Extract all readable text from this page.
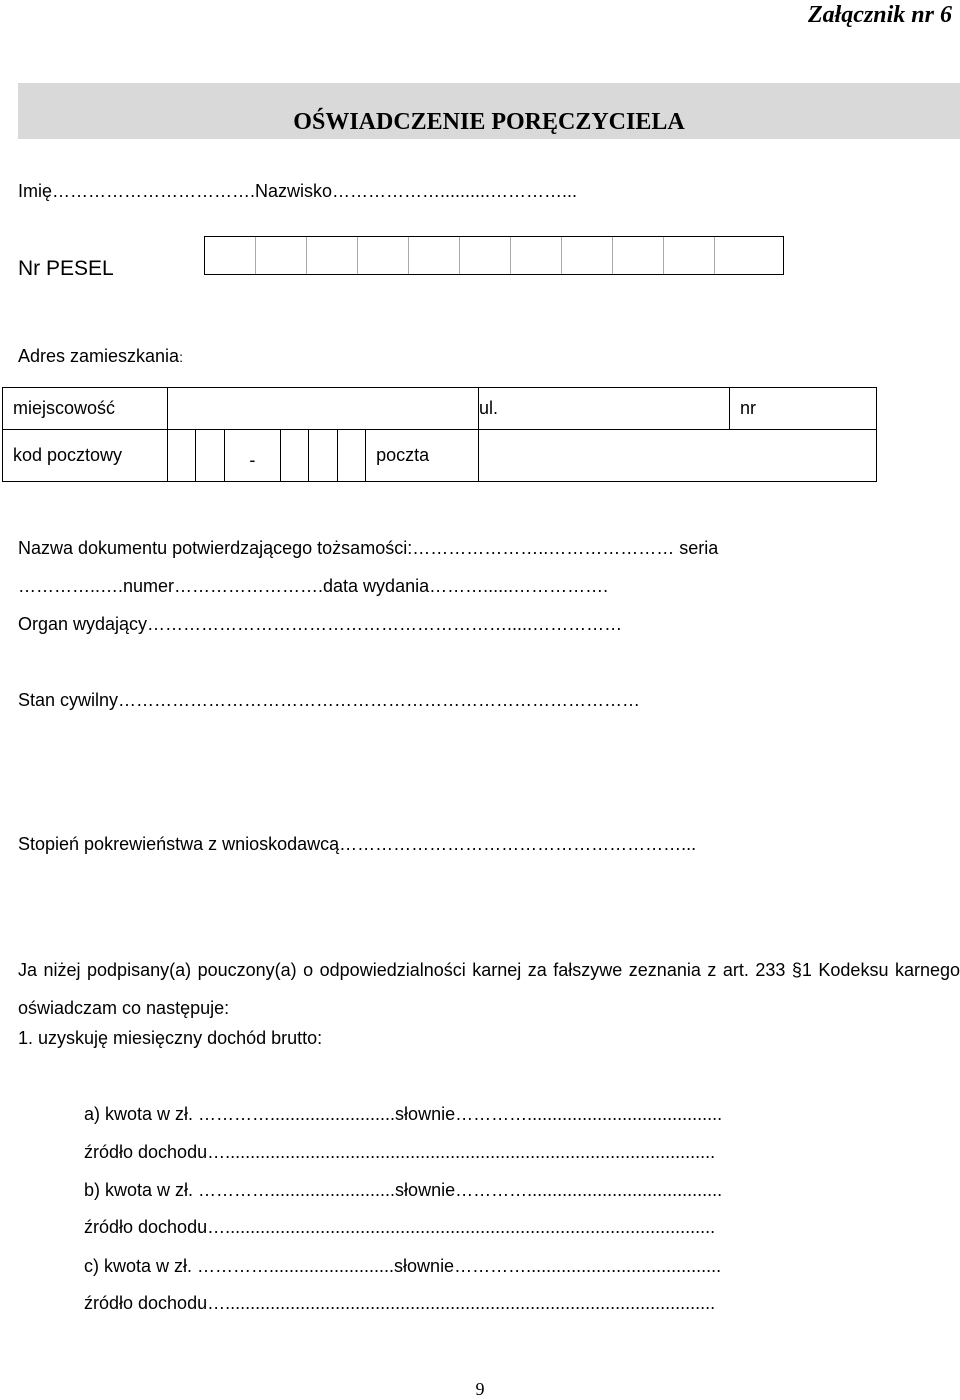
Załącznik nr 6
OŚWIADCZENIE PORĘCZYCIELA
Imię…………………………….Nazwisko………………..........…………...
Nr PESEL
Adres zamieszkania:
miejscowość								ul.	nr
kod pocztowy			-				poczta		
Nazwa dokumentu potwierdzającego tożsamości:…………………..………………… seria
…………..….numer…………………….data wydania………......…………….
Organ wydający…………………………………………………….....……………
Stan cywilny……………………………………………………………………………
Stopień pokrewieństwa z wnioskodawcą…………………………………………………...
Ja niżej podpisany(a) pouczony(a) o odpowiedzialności karnej za fałszywe zeznania z art. 233 §1 Kodeksu karnego oświadczam co następuje:
1. uzyskuję miesięczny dochód brutto:
a) kwota w zł. ………….........................słownie………….......................................
źródło dochodu…..................................................................................................
b) kwota w zł. ………….........................słownie………….......................................
źródło dochodu…..................................................................................................
c) kwota w zł. ………….........................słownie………….......................................
źródło dochodu…..................................................................................................
9
